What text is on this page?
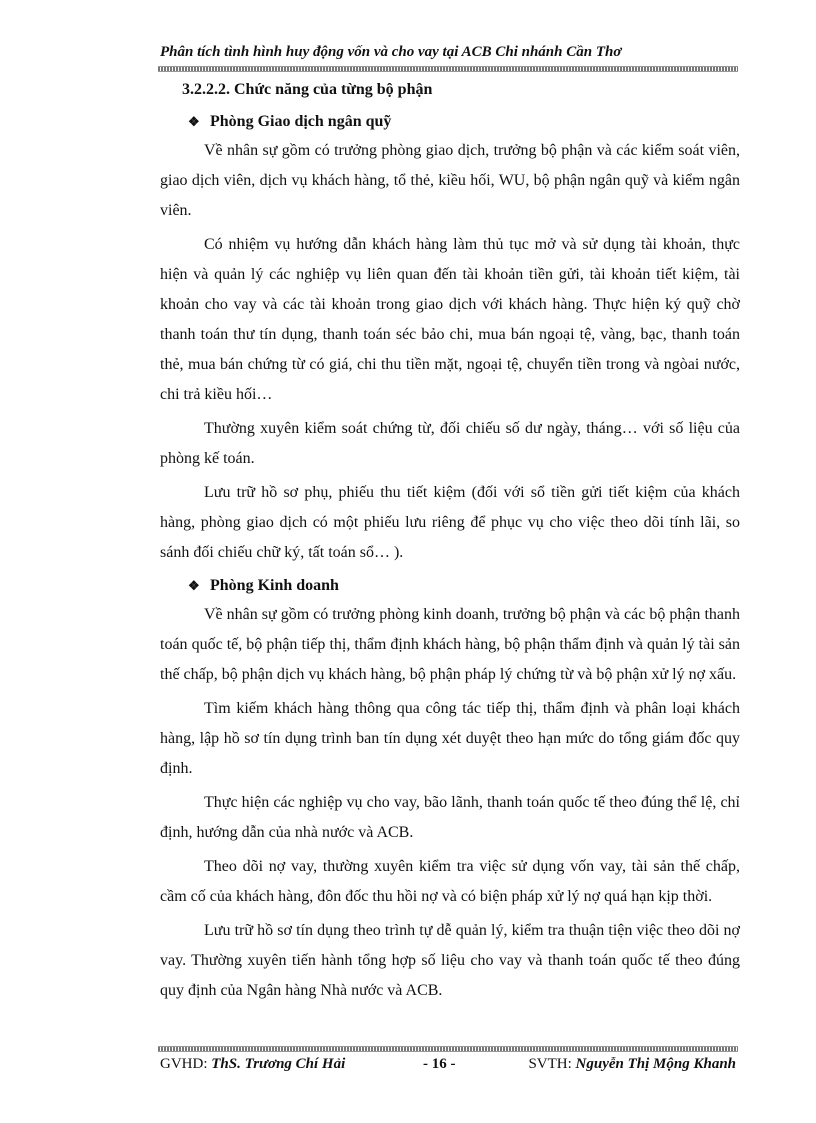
Phân tích tình hình huy động vốn và cho vay tại ACB Chi nhánh Cần Thơ
3.2.2.2. Chức năng của từng bộ phận
❖ Phòng Giao dịch ngân quỹ

Về nhân sự gồm có trưởng phòng giao dịch, trưởng bộ phận và các kiểm soát viên, giao dịch viên, dịch vụ khách hàng, tổ thẻ, kiều hối, WU, bộ phận ngân quỹ và kiểm ngân viên.

Có nhiệm vụ hướng dẫn khách hàng làm thủ tục mở và sử dụng tài khoản, thực hiện và quản lý các nghiệp vụ liên quan đến tài khoản tiền gửi, tài khoản tiết kiệm, tài khoản cho vay và các tài khoản trong giao dịch với khách hàng. Thực hiện ký quỹ chờ thanh toán thư tín dụng, thanh toán séc bảo chi, mua bán ngoại tệ, vàng, bạc, thanh toán thẻ, mua bán chứng từ có giá, chi thu tiền mặt, ngoại tệ, chuyển tiền trong và ngòai nước, chi trả kiều hối…

Thường xuyên kiểm soát chứng từ, đối chiếu số dư ngày, tháng… với số liệu của phòng kế toán.

Lưu trữ hồ sơ phụ, phiếu thu tiết kiệm (đối với sổ tiền gửi tiết kiệm của khách hàng, phòng giao dịch có một phiếu lưu riêng để phục vụ cho việc theo dõi tính lãi, so sánh đối chiếu chữ ký, tất toán sổ… ).

❖ Phòng Kinh doanh

Về nhân sự gồm có trưởng phòng kinh doanh, trưởng bộ phận và các bộ phận thanh toán quốc tế, bộ phận tiếp thị, thẩm định khách hàng, bộ phận thẩm định và quản lý tài sản thế chấp, bộ phận dịch vụ khách hàng, bộ phận pháp lý chứng từ và bộ phận xử lý nợ xấu.

Tìm kiếm khách hàng thông qua công tác tiếp thị, thẩm định và phân loại khách hàng, lập hồ sơ tín dụng trình ban tín dụng xét duyệt theo hạn mức do tổng giám đốc quy định.

Thực hiện các nghiệp vụ cho vay, bão lãnh, thanh toán quốc tế theo đúng thể lệ, chỉ định, hướng dẫn của nhà nước và ACB.

Theo dõi nợ vay, thường xuyên kiểm tra việc sử dụng vốn vay, tài sản thế chấp, cầm cố của khách hàng, đôn đốc thu hồi nợ và có biện pháp xử lý nợ quá hạn kịp thời.

Lưu trữ hồ sơ tín dụng theo trình tự dễ quản lý, kiểm tra thuận tiện việc theo dõi nợ vay. Thường xuyên tiến hành tổng hợp số liệu cho vay và thanh toán quốc tế theo đúng quy định của Ngân hàng Nhà nước và ACB.

GVHD: ThS. Trương Chí Hải	- 16 -	SVTH: Nguyễn Thị Mộng Khanh
